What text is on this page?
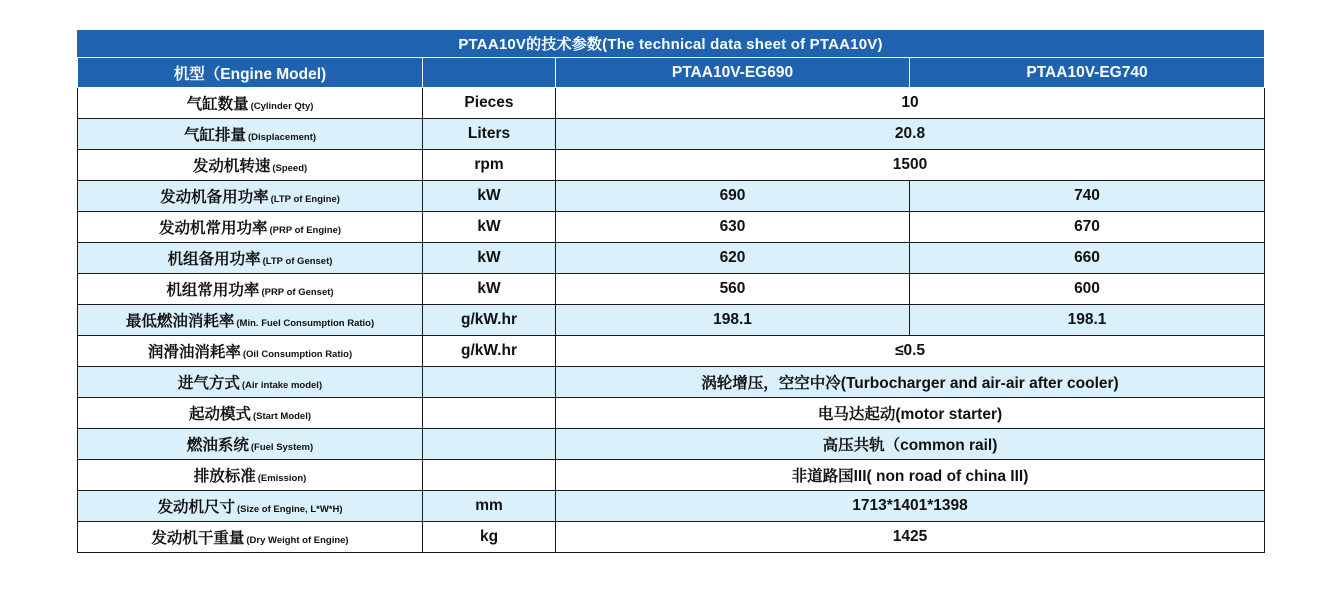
PTAA10V的技术参数(The technical data sheet of PTAA10V)
机型（Engine Model)		PTAA10V-EG690	PTAA10V-EG740
气缸数量 (Cylinder Qty)	Pieces	10	
气缸排量 (Displacement)	Liters	20.8	
发动机转速 (Speed)	rpm	1500	
发动机备用功率 (LTP of Engine)	kW	690	740
发动机常用功率 (PRP of Engine)	kW	630	670
机组备用功率 (LTP of Genset)	kW	620	660
机组常用功率 (PRP of Genset)	kW	560	600
最低燃油消耗率 (Min. Fuel Consumption Ratio)	g/kW.hr	198.1	198.1
润滑油消耗率 (Oil Consumption Ratio)	g/kW.hr	≤0.5	
进气方式 (Air intake model)		涡轮增压，空空中冷(Turbocharger and air-air after cooler)	
起动模式 (Start Model)		电马达起动(motor starter)	
燃油系统 (Fuel System)		高压共轨（common rail)	
排放标准 (Emission)		非道路国III( non road of china III)	
发动机尺寸 (Size of Engine, L*W*H)	mm	1713*1401*1398	
发动机干重量 (Dry Weight of Engine)	kg	1425	
